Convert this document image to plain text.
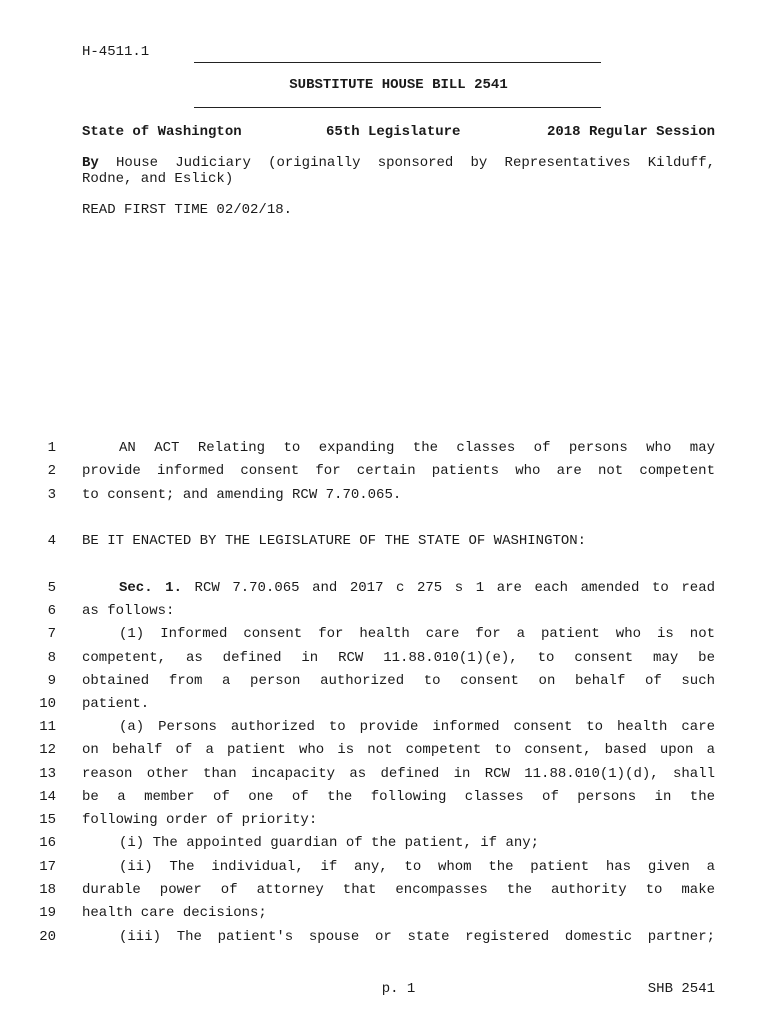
H-4511.1
SUBSTITUTE HOUSE BILL 2541
State of Washington	65th Legislature	2018 Regular Session
By House Judiciary (originally sponsored by Representatives Kilduff,
Rodne, and Eslick)
READ FIRST TIME 02/02/18.
1	AN ACT Relating to expanding the classes of persons who may
2 provide informed consent for certain patients who are not competent
3 to consent; and amending RCW 7.70.065.
4 BE IT ENACTED BY THE LEGISLATURE OF THE STATE OF WASHINGTON:
5	Sec. 1. RCW 7.70.065 and 2017 c 275 s 1 are each amended to read
6 as follows:
7	(1) Informed consent for health care for a patient who is not
8 competent, as defined in RCW 11.88.010(1)(e), to consent may be
9 obtained from a person authorized to consent on behalf of such
10 patient.
11	(a) Persons authorized to provide informed consent to health care
12 on behalf of a patient who is not competent to consent, based upon a
13 reason other than incapacity as defined in RCW 11.88.010(1)(d), shall
14 be a member of one of the following classes of persons in the
15 following order of priority:
16	(i) The appointed guardian of the patient, if any;
17	(ii) The individual, if any, to whom the patient has given a
18 durable power of attorney that encompasses the authority to make
19 health care decisions;
20	(iii) The patient's spouse or state registered domestic partner;
p. 1	SHB 2541
